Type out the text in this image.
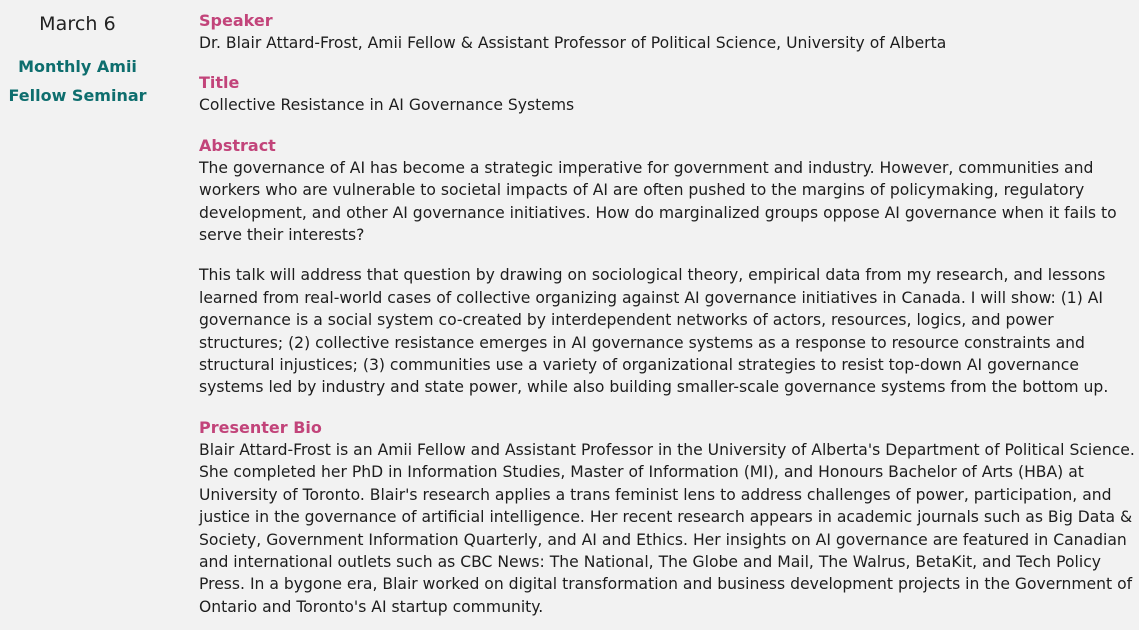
March 6
Monthly Amii
Fellow Seminar

Speaker

Dr. Blair Attard-Frost, Amii Fellow & Assistant Professor of Political Science, University of Alberta

Title

Collective Resistance in AI Governance Systems

Abstract

The governance of AI has become a strategic imperative for government and industry. However, communities and workers who are vulnerable to societal impacts of AI are often pushed to the margins of policymaking, regulatory development, and other AI governance initiatives. How do marginalized groups oppose AI governance when it fails to serve their interests?

This talk will address that question by drawing on sociological theory, empirical data from my research, and lessons learned from real-world cases of collective organizing against AI governance initiatives in Canada. I will show: (1) AI governance is a social system co-created by interdependent networks of actors, resources, logics, and power structures; (2) collective resistance emerges in AI governance systems as a response to resource constraints and structural injustices; (3) communities use a variety of organizational strategies to resist top-down AI governance systems led by industry and state power, while also building smaller-scale governance systems from the bottom up.

Presenter Bio

Blair Attard-Frost is an Amii Fellow and Assistant Professor in the University of Alberta's Department of Political Science. She completed her PhD in Information Studies, Master of Information (MI), and Honours Bachelor of Arts (HBA) at University of Toronto. Blair's research applies a trans feminist lens to address challenges of power, participation, and justice in the governance of artificial intelligence. Her recent research appears in academic journals such as Big Data & Society, Government Information Quarterly, and AI and Ethics. Her insights on AI governance are featured in Canadian and international outlets such as CBC News: The National, The Globe and Mail, The Walrus, BetaKit, and Tech Policy Press. In a bygone era, Blair worked on digital transformation and business development projects in the Government of Ontario and Toronto's AI startup community.
